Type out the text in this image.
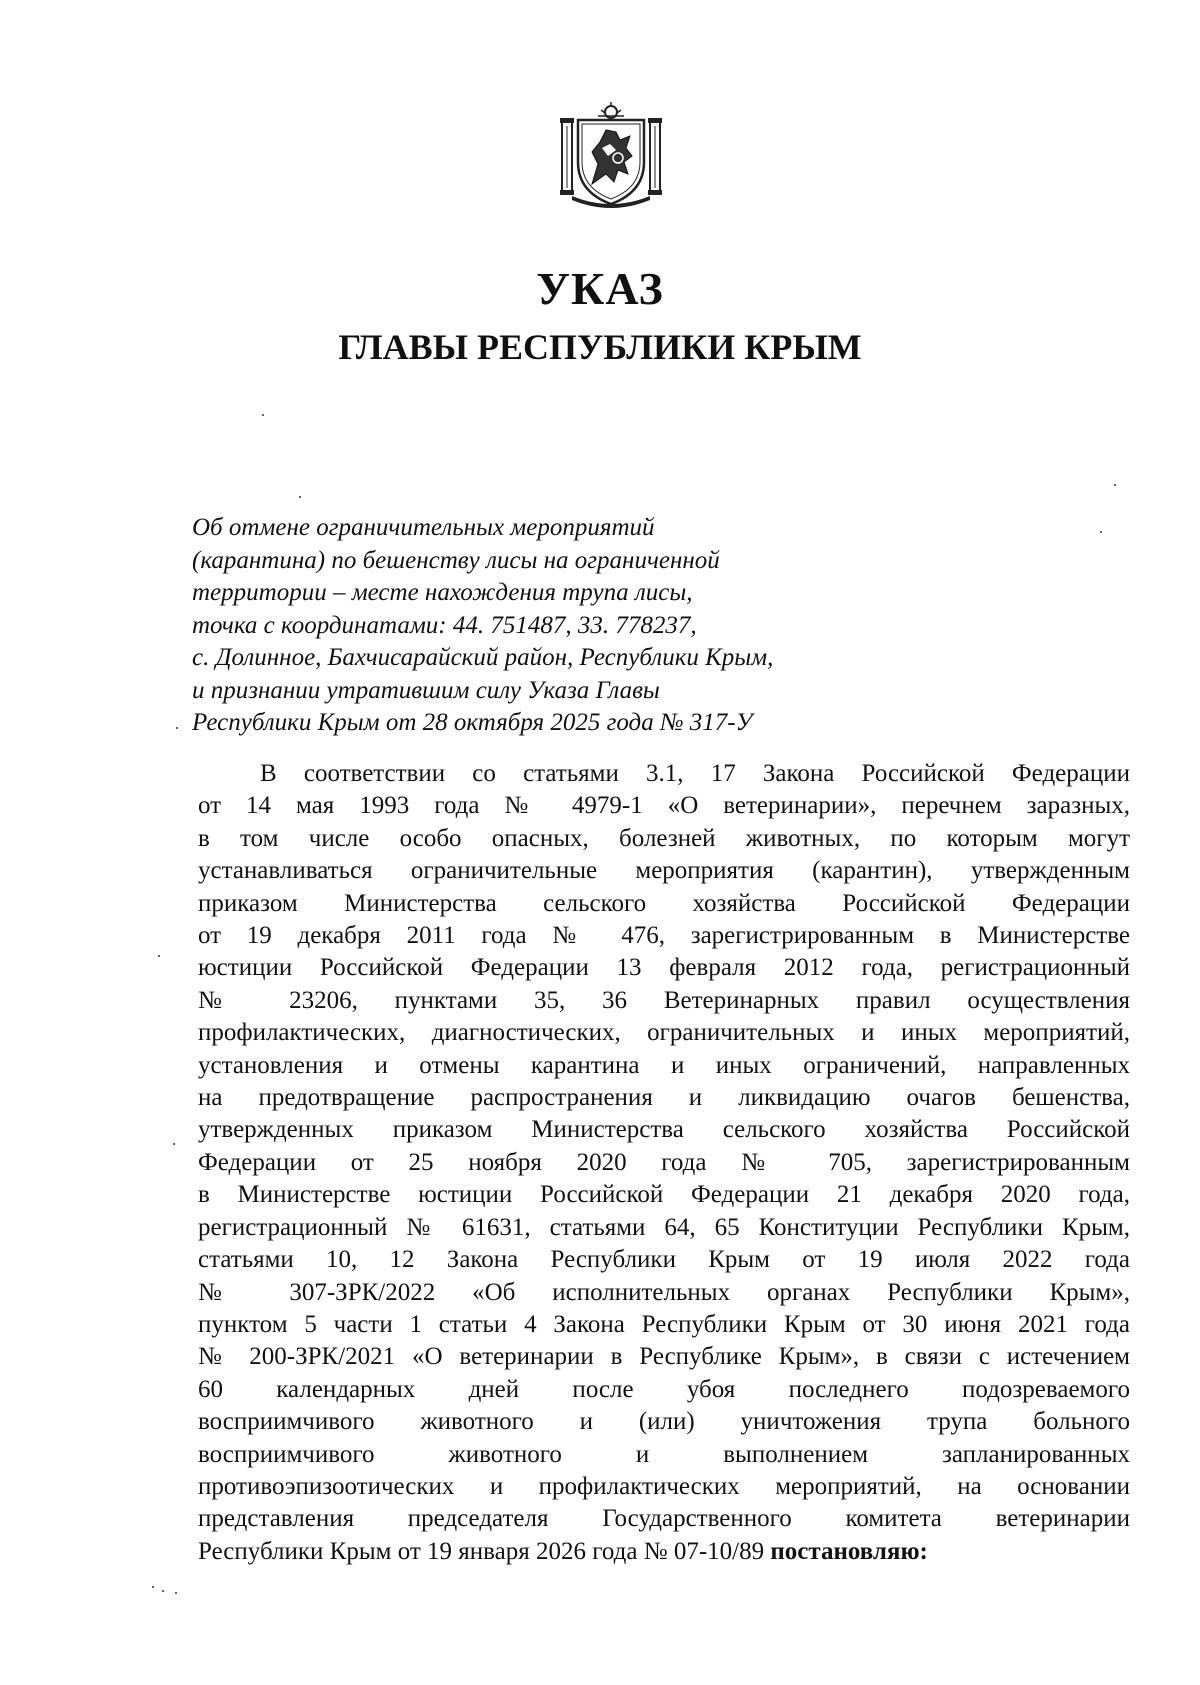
УКАЗ
ГЛАВЫ РЕСПУБЛИКИ КРЫМ
Об отмене ограничительных мероприятий
(карантина) по бешенству лисы на ограниченной
территории – месте нахождения трупа лисы,
точка с координатами: 44. 751487, 33. 778237,
с. Долинное, Бахчисарайский район, Республики Крым,
и признании утратившим силу Указа Главы
Республики Крым от 28 октября 2025 года № 317-У
В соответствии со статьями 3.1, 17 Закона Российской Федерации
от 14 мая 1993 года № 4979-1 «О ветеринарии», перечнем заразных,
в том числе особо опасных, болезней животных, по которым могут
устанавливаться ограничительные мероприятия (карантин), утвержденным
приказом Министерства сельского хозяйства Российской Федерации
от 19 декабря 2011 года № 476, зарегистрированным в Министерстве
юстиции Российской Федерации 13 февраля 2012 года, регистрационный
№ 23206, пунктами 35, 36 Ветеринарных правил осуществления
профилактических, диагностических, ограничительных и иных мероприятий,
установления и отмены карантина и иных ограничений, направленных
на предотвращение распространения и ликвидацию очагов бешенства,
утвержденных приказом Министерства сельского хозяйства Российской
Федерации от 25 ноября 2020 года № 705, зарегистрированным
в Министерстве юстиции Российской Федерации 21 декабря 2020 года,
регистрационный № 61631, статьями 64, 65 Конституции Республики Крым,
статьями 10, 12 Закона Республики Крым от 19 июля 2022 года
№ 307-ЗРК/2022 «Об исполнительных органах Республики Крым»,
пунктом 5 части 1 статьи 4 Закона Республики Крым от 30 июня 2021 года
№ 200-ЗРК/2021 «О ветеринарии в Республике Крым», в связи с истечением
60 календарных дней после убоя последнего подозреваемого
восприимчивого животного и (или) уничтожения трупа больного
восприимчивого животного и выполнением запланированных
противоэпизоотических и профилактических мероприятий, на основании
представления председателя Государственного комитета ветеринарии
Республики Крым от 19 января 2026 года № 07-10/89 постановляю:
